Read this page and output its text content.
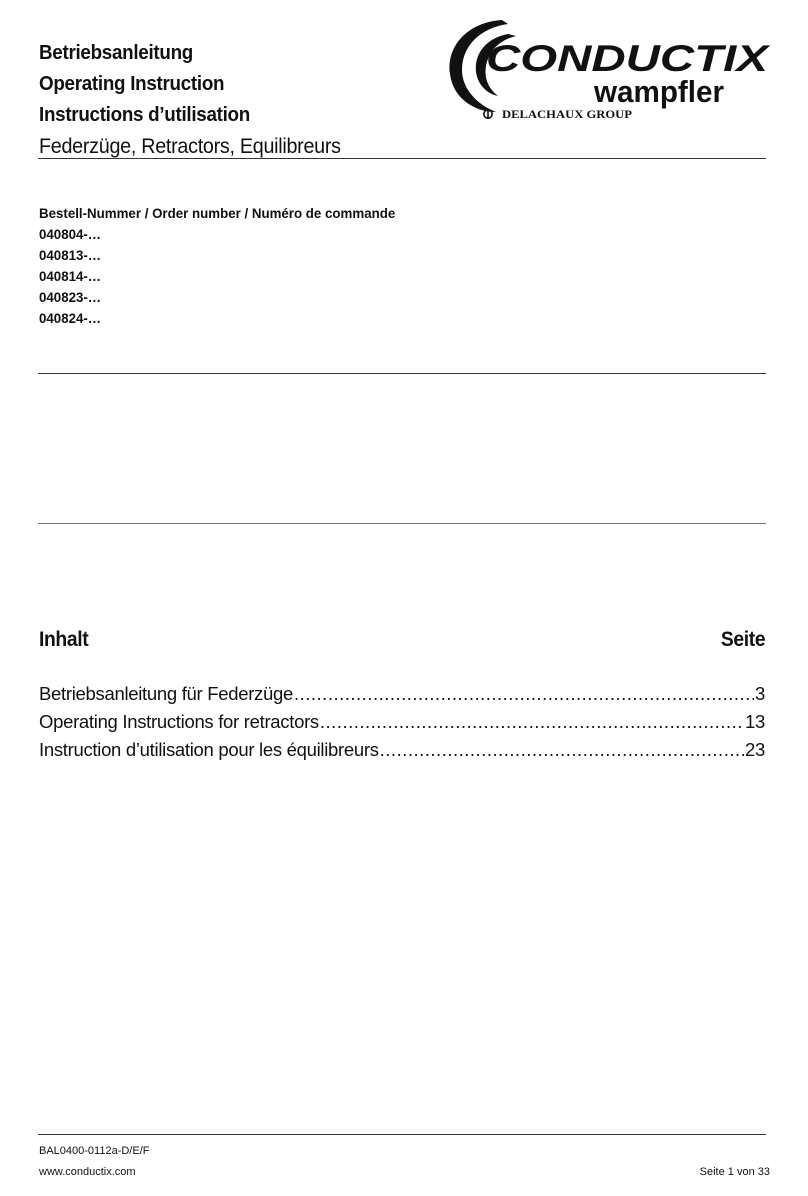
Betriebsanleitung
Operating Instruction
Instructions d’utilisation
Federzüge, Retractors, Equilibreurs
CONDUCTIX
wampfler
DELACHAUX GROUP
Bestell-Nummer / Order number / Numéro de commande
040804-…
040813-…
040814-…
040823-…
040824-…
Inhalt	Seite
Betriebsanleitung für Federzüge .....	3
Operating Instructions for retractors .....	13
Instruction d’utilisation pour les équilibreurs .....	23
BAL0400-0112a-D/E/F
www.conductix.com	Seite 1 von 33
